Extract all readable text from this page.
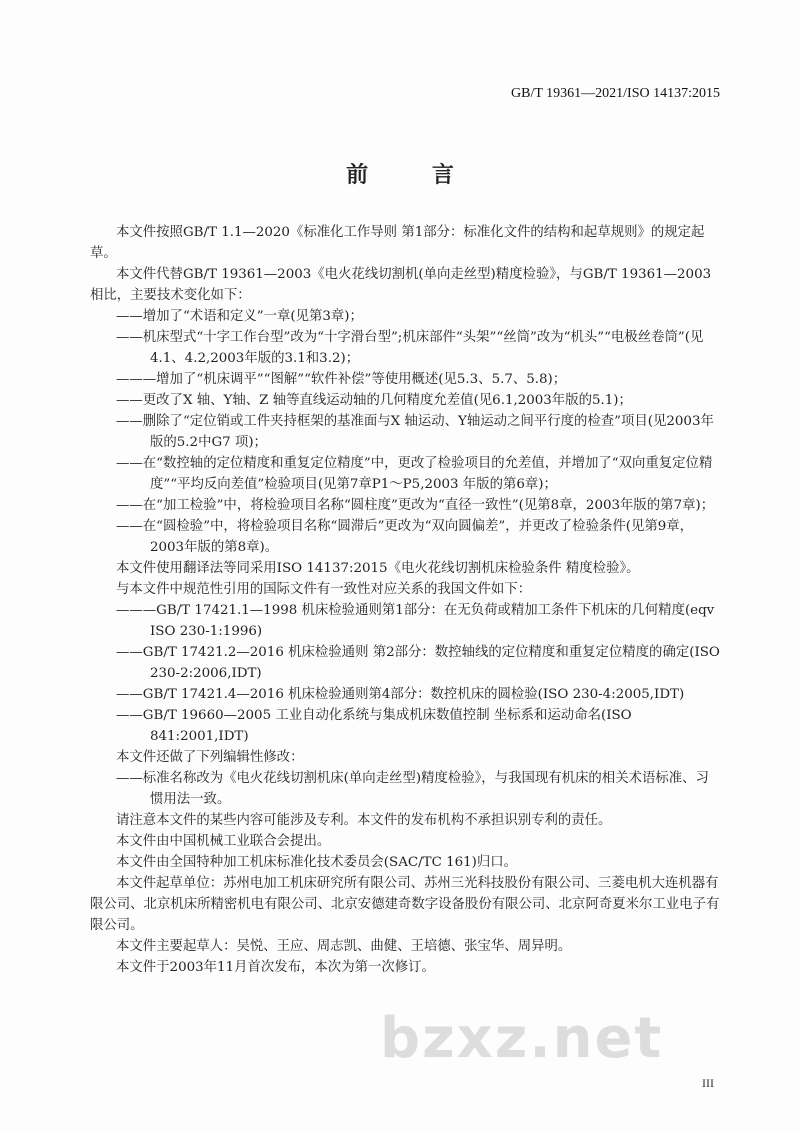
GB/T 19361—2021/ISO 14137:2015
前 言

本文件按照GB/T 1.1—2020《标准化工作导则 第1部分：标准化文件的结构和起草规则》的规定起草。

本文件代替GB/T 19361—2003《电火花线切割机(单向走丝型)精度检验》，与GB/T 19361—2003相比，主要技术变化如下：

——增加了“术语和定义”一章(见第3章)；

——机床型式“十字工作台型”改为“十字滑台型”;机床部件“头架”“丝筒”改为“机头”“电极丝卷筒”(见4.1、4.2,2003年版的3.1和3.2)；

———增加了“机床调平”“图解”“软件补偿”等使用概述(见5.3、5.7、5.8)；

——更改了X 轴、Y轴、Z 轴等直线运动轴的几何精度允差值(见6.1,2003年版的5.1)；

——删除了“定位销或工件夹持框架的基准面与X 轴运动、Y轴运动之间平行度的检查”项目(见2003年版的5.2中G7 项)；

——在“数控轴的定位精度和重复定位精度”中，更改了检验项目的允差值，并增加了“双向重复定位精度”“平均反向差值”检验项目(见第7章P1～P5,2003 年版的第6章)；

——在“加工检验”中，将检验项目名称“圆柱度”更改为“直径一致性”(见第8章，2003年版的第7章)；

——在“圆检验”中，将检验项目名称“圆滞后”更改为“双向圆偏差”，并更改了检验条件(见第9章，2003年版的第8章)。

本文件使用翻译法等同采用ISO 14137:2015《电火花线切割机床检验条件 精度检验》。

与本文件中规范性引用的国际文件有一致性对应关系的我国文件如下：

———GB/T 17421.1—1998 机床检验通则第1部分：在无负荷或精加工条件下机床的几何精度(eqv ISO 230-1:1996)

——GB/T 17421.2—2016 机床检验通则 第2部分：数控轴线的定位精度和重复定位精度的确定(ISO 230-2:2006,IDT)

——GB/T 17421.4—2016 机床检验通则第4部分：数控机床的圆检验(ISO 230-4:2005,IDT)

——GB/T 19660—2005 工业自动化系统与集成机床数值控制 坐标系和运动命名(ISO 841:2001,IDT)

本文件还做了下列编辑性修改：

——标准名称改为《电火花线切割机床(单向走丝型)精度检验》，与我国现有机床的相关术语标准、习惯用法一致。

请注意本文件的某些内容可能涉及专利。本文件的发布机构不承担识别专利的责任。

本文件由中国机械工业联合会提出。

本文件由全国特种加工机床标准化技术委员会(SAC/TC 161)归口。

本文件起草单位：苏州电加工机床研究所有限公司、苏州三光科技股份有限公司、三菱电机大连机器有限公司、北京机床所精密机电有限公司、北京安德建奇数字设备股份有限公司、北京阿奇夏米尔工业电子有限公司。

本文件主要起草人：吴悦、王应、周志凯、曲健、王培德、张宝华、周异明。

本文件于2003年11月首次发布，本次为第一次修订。

bzxz.net
III
